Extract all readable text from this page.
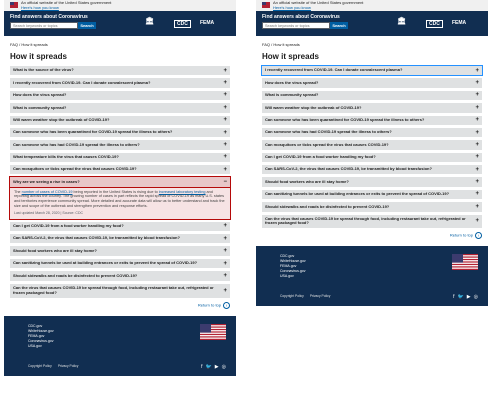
An official website of the United States government
Here's how you know
Find answers about Coronavirus
Search keywords or topics	Search
🏛	CDC	FEMA
FAQ / How it spreads
How it spreads
What is the source of the virus?	+
I recently recovered from COVID-19. Can I donate convalescent plasma?	+
How does the virus spread?	+
What is community spread?	+
Will warm weather stop the outbreak of COVID-19?	+
Can someone who has been quarantined for COVID-19 spread the illness to others?	+
Can someone who has had COVID-19 spread the illness to others?	+
What temperature kills the virus that causes COVID-19?	+
Can mosquitoes or ticks spread the virus that causes COVID-19?	+
Why are we seeing a rise in cases?	−

The number of cases of COVID-19 being reported in the United States is rising due to increased laboratory testing and reporting across the country. The growing number of cases in part reflects the rapid spread of COVID-19 as many U.S. states and territories experience community spread. More detailed and accurate data will allow us to better understand and track the size and scope of the outbreak and strengthen prevention and response efforts.

Last updated March 28, 2020 | Source: CDC
Can I get COVID-19 from a food worker handling my food?	+
Can SARS-CoV-2, the virus that causes COVID-19, be transmitted by blood transfusion?	+
Should food workers who are ill stay home?	+
Can sanitizing tunnels be used at building entrances or exits to prevent the spread of COVID-19?	+
Should sidewalks and roads be disinfected to prevent COVID-19?	+
Can the virus that causes COVID-19 be spread through food, including restaurant take out, refrigerated or frozen packaged food?	+
Return to top ↑
CDC.gov
WhiteHouse.gov
FEMA.gov
Coronavirus.gov
USA.gov
Copyright Policy Privacy Policy	f 🐦 ▶ ◎
An official website of the United States government
Here's how you know
Find answers about Coronavirus
Search keywords or topics	Search
🏛	CDC	FEMA
FAQ / How it spreads
How it spreads
I recently recovered from COVID-19. Can I donate convalescent plasma?	+
How does the virus spread?	+
What is community spread?	+
Will warm weather stop the outbreak of COVID-19?	+
Can someone who has been quarantined for COVID-19 spread the illness to others?	+
Can someone who has had COVID-19 spread the illness to others?	+
Can mosquitoes or ticks spread the virus that causes COVID-19?	+
Can I get COVID-19 from a food worker handling my food?	+
Can SARS-CoV-2, the virus that causes COVID-19, be transmitted by blood transfusion?	+
Should food workers who are ill stay home?	+
Can sanitizing tunnels be used at building entrances or exits to prevent the spread of COVID-19?	+
Should sidewalks and roads be disinfected to prevent COVID-19?	+
Can the virus that causes COVID-19 be spread through food, including restaurant take out, refrigerated or frozen packaged food?	+
Return to top ↑
CDC.gov
WhiteHouse.gov
FEMA.gov
Coronavirus.gov
USA.gov
Copyright Policy Privacy Policy	f 🐦 ▶ ◎
